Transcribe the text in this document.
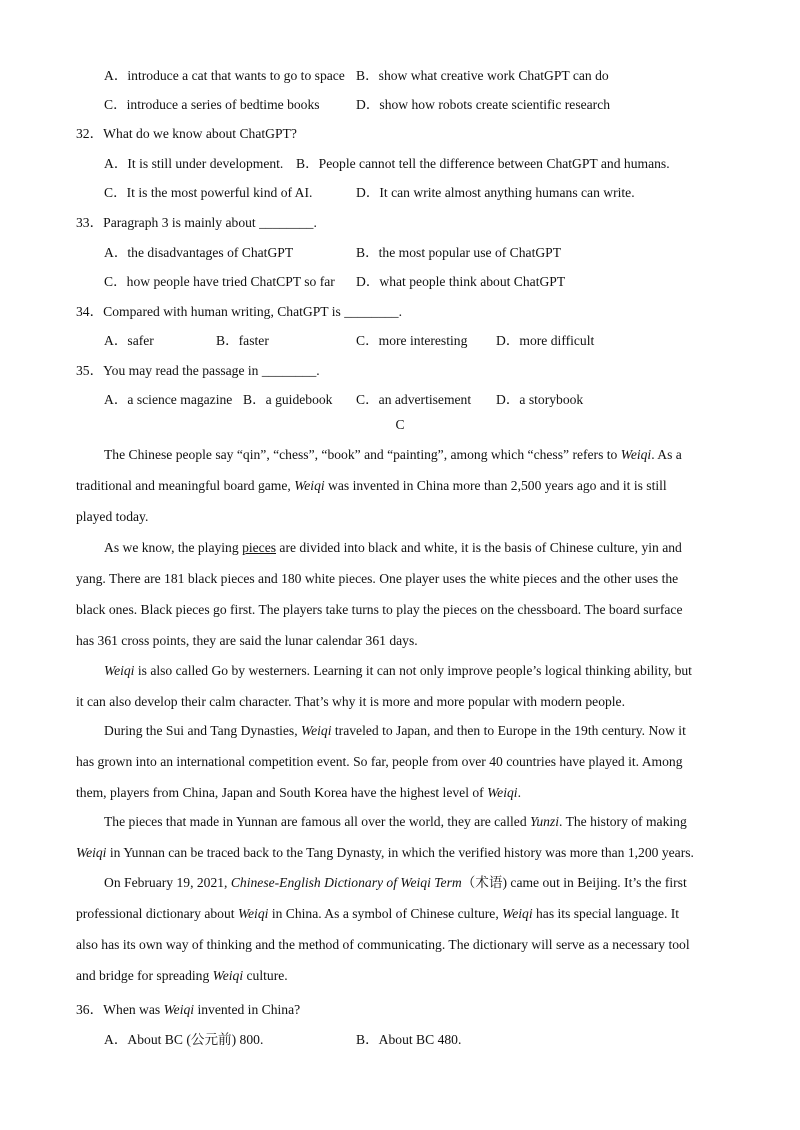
A．introduce a cat that wants to go to space B．show what creative work ChatGPT can do
C．introduce a series of bedtime books	D．show how robots create scientific research
32．What do we know about ChatGPT?
A．It is still under development. B．People cannot tell the difference between ChatGPT and humans.
C．It is the most powerful kind of AI.	D．It can write almost anything humans can write.
33．Paragraph 3 is mainly about ________.
A．the disadvantages of ChatGPT	B．the most popular use of ChatGPT
C．how people have tried ChatCPT so far D．what people think about ChatGPT
34．Compared with human writing, ChatGPT is ________.
A．safer	B．faster	C．more interesting D．more difficult
35．You may read the passage in ________.
A．a science magazine B．a guidebook C．an advertisement D．a storybook
C
The Chinese people say “qin”, “chess”, “book” and “painting”, among which “chess” refers to Weiqi. As a
traditional and meaningful board game, Weiqi was invented in China more than 2,500 years ago and it is still
played today.
As we know, the playing pieces are divided into black and white, it is the basis of Chinese culture, yin and
yang. There are 181 black pieces and 180 white pieces. One player uses the white pieces and the other uses the
black ones. Black pieces go first. The players take turns to play the pieces on the chessboard. The board surface
has 361 cross points, they are said the lunar calendar 361 days.
Weiqi is also called Go by westerners. Learning it can not only improve people’s logical thinking ability, but
it can also develop their calm character. That’s why it is more and more popular with modern people.
During the Sui and Tang Dynasties, Weiqi traveled to Japan, and then to Europe in the 19th century. Now it
has grown into an international competition event. So far, people from over 40 countries have played it. Among
them, players from China, Japan and South Korea have the highest level of Weiqi.
The pieces that made in Yunnan are famous all over the world, they are called Yunzi. The history of making
Weiqi in Yunnan can be traced back to the Tang Dynasty, in which the verified history was more than 1,200 years.
On February 19, 2021, Chinese-English Dictionary of Weiqi Term（术语) came out in Beijing. It’s the first
professional dictionary about Weiqi in China. As a symbol of Chinese culture, Weiqi has its special language. It
also has its own way of thinking and the method of communicating. The dictionary will serve as a necessary tool
and bridge for spreading Weiqi culture.
36．When was Weiqi invented in China?
A．About BC (公元前) 800.	B．About BC 480.
